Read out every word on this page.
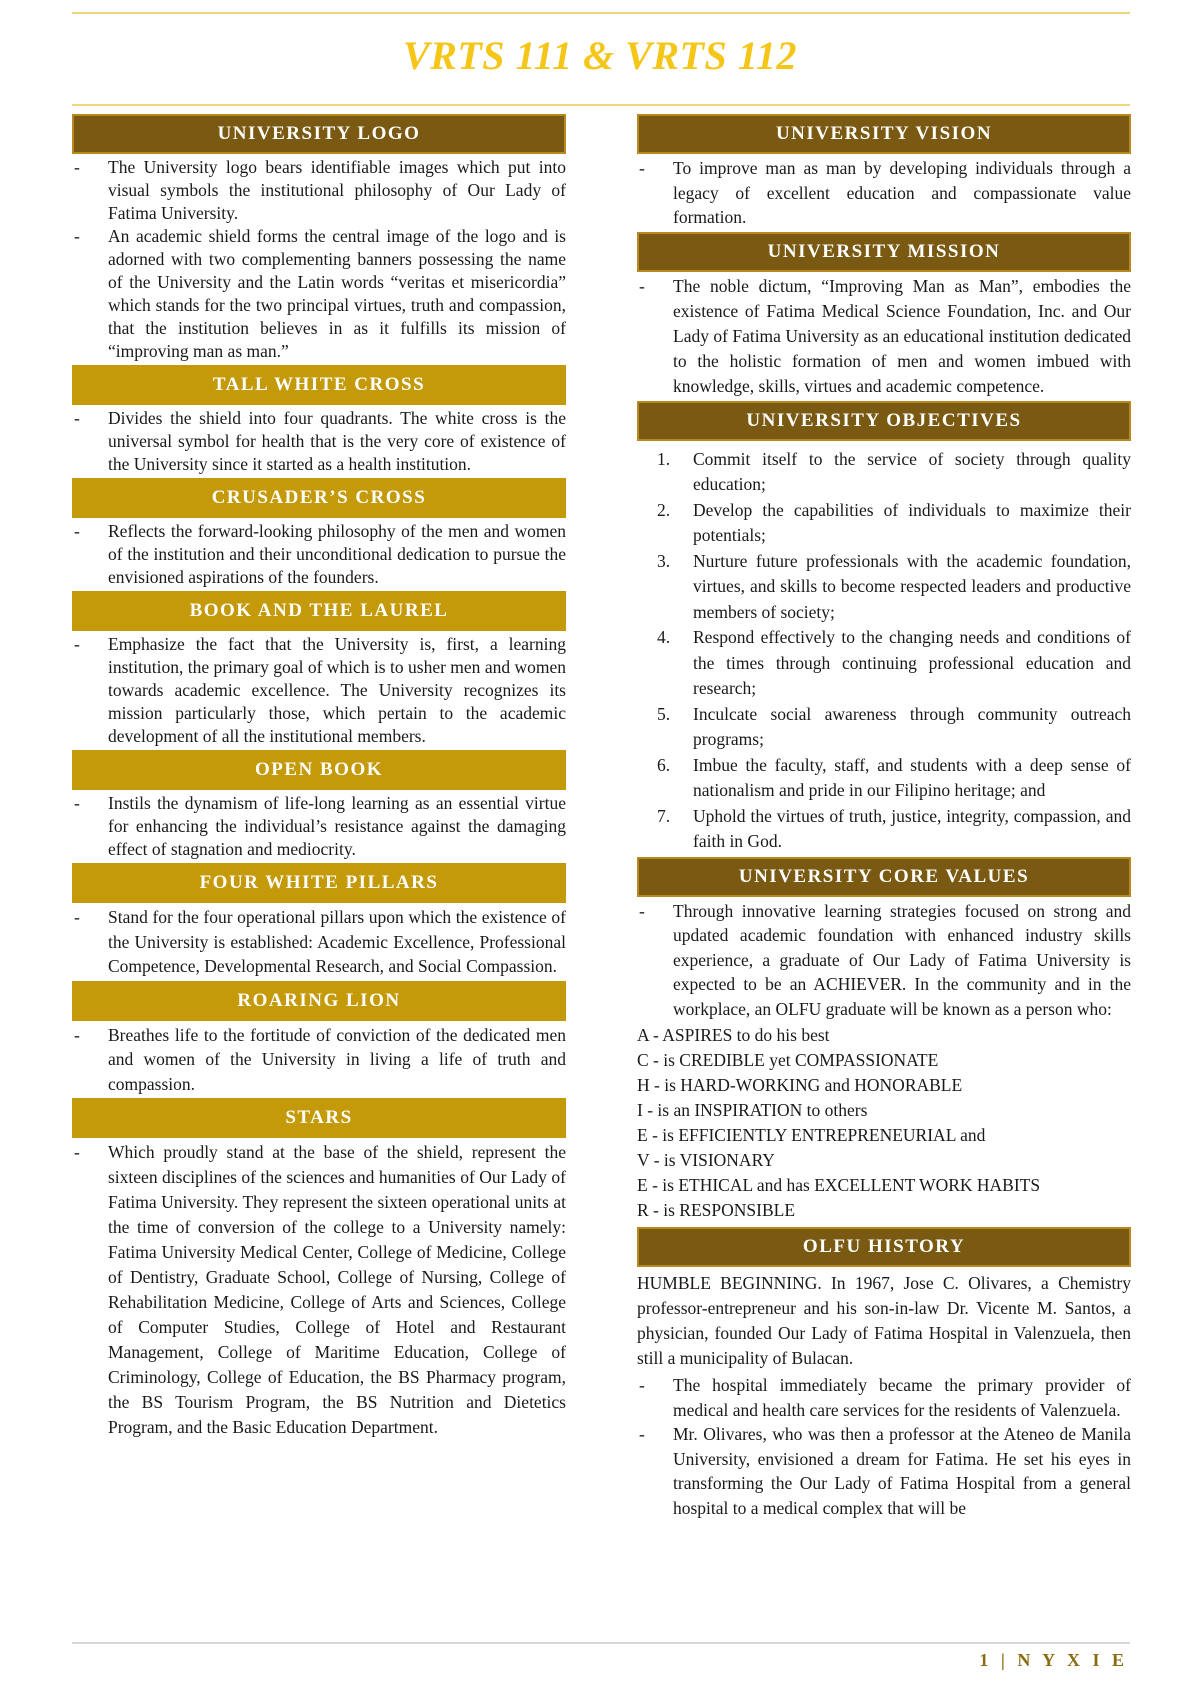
VRTS 111 & VRTS 112
UNIVERSITY LOGO
- The University logo bears identifiable images which put into visual symbols the institutional philosophy of Our Lady of Fatima University.
- An academic shield forms the central image of the logo and is adorned with two complementing banners possessing the name of the University and the Latin words “veritas et misericordia” which stands for the two principal virtues, truth and compassion, that the institution believes in as it fulfills its mission of “improving man as man.”
TALL WHITE CROSS
- Divides the shield into four quadrants. The white cross is the universal symbol for health that is the very core of existence of the University since it started as a health institution.
CRUSADER’S CROSS
- Reflects the forward-looking philosophy of the men and women of the institution and their unconditional dedication to pursue the envisioned aspirations of the founders.
BOOK AND THE LAUREL
- Emphasize the fact that the University is, first, a learning institution, the primary goal of which is to usher men and women towards academic excellence. The University recognizes its mission particularly those, which pertain to the academic development of all the institutional members.
OPEN BOOK
- Instils the dynamism of life-long learning as an essential virtue for enhancing the individual’s resistance against the damaging effect of stagnation and mediocrity.
FOUR WHITE PILLARS
- Stand for the four operational pillars upon which the existence of the University is established: Academic Excellence, Professional Competence, Developmental Research, and Social Compassion.
ROARING LION
- Breathes life to the fortitude of conviction of the dedicated men and women of the University in living a life of truth and compassion.
STARS
- Which proudly stand at the base of the shield, represent the sixteen disciplines of the sciences and humanities of Our Lady of Fatima University. They represent the sixteen operational units at the time of conversion of the college to a University namely: Fatima University Medical Center, College of Medicine, College of Dentistry, Graduate School, College of Nursing, College of Rehabilitation Medicine, College of Arts and Sciences, College of Computer Studies, College of Hotel and Restaurant Management, College of Maritime Education, College of Criminology, College of Education, the BS Pharmacy program, the BS Tourism Program, the BS Nutrition and Dietetics Program, and the Basic Education Department.
UNIVERSITY VISION
- To improve man as man by developing individuals through a legacy of excellent education and compassionate value formation.
UNIVERSITY MISSION
- The noble dictum, “Improving Man as Man”, embodies the existence of Fatima Medical Science Foundation, Inc. and Our Lady of Fatima University as an educational institution dedicated to the holistic formation of men and women imbued with knowledge, skills, virtues and academic competence.
UNIVERSITY OBJECTIVES
1. Commit itself to the service of society through quality education;
2. Develop the capabilities of individuals to maximize their potentials;
3. Nurture future professionals with the academic foundation, virtues, and skills to become respected leaders and productive members of society;
4. Respond effectively to the changing needs and conditions of the times through continuing professional education and research;
5. Inculcate social awareness through community outreach programs;
6. Imbue the faculty, staff, and students with a deep sense of nationalism and pride in our Filipino heritage; and
7. Uphold the virtues of truth, justice, integrity, compassion, and faith in God.
UNIVERSITY CORE VALUES
- Through innovative learning strategies focused on strong and updated academic foundation with enhanced industry skills experience, a graduate of Our Lady of Fatima University is expected to be an ACHIEVER. In the community and in the workplace, an OLFU graduate will be known as a person who:
A - ASPIRES to do his best
C - is CREDIBLE yet COMPASSIONATE
H - is HARD-WORKING and HONORABLE
I - is an INSPIRATION to others
E - is EFFICIENTLY ENTREPRENEURIAL and
V - is VISIONARY
E - is ETHICAL and has EXCELLENT WORK HABITS
R - is RESPONSIBLE
OLFU HISTORY

HUMBLE BEGINNING. In 1967, Jose C. Olivares, a Chemistry professor-entrepreneur and his son-in-law Dr. Vicente M. Santos, a physician, founded Our Lady of Fatima Hospital in Valenzuela, then still a municipality of Bulacan.

- The hospital immediately became the primary provider of medical and health care services for the residents of Valenzuela.
- Mr. Olivares, who was then a professor at the Ateneo de Manila University, envisioned a dream for Fatima. He set his eyes in transforming the Our Lady of Fatima Hospital from a general hospital to a medical complex that will be
1 | N Y X I E
